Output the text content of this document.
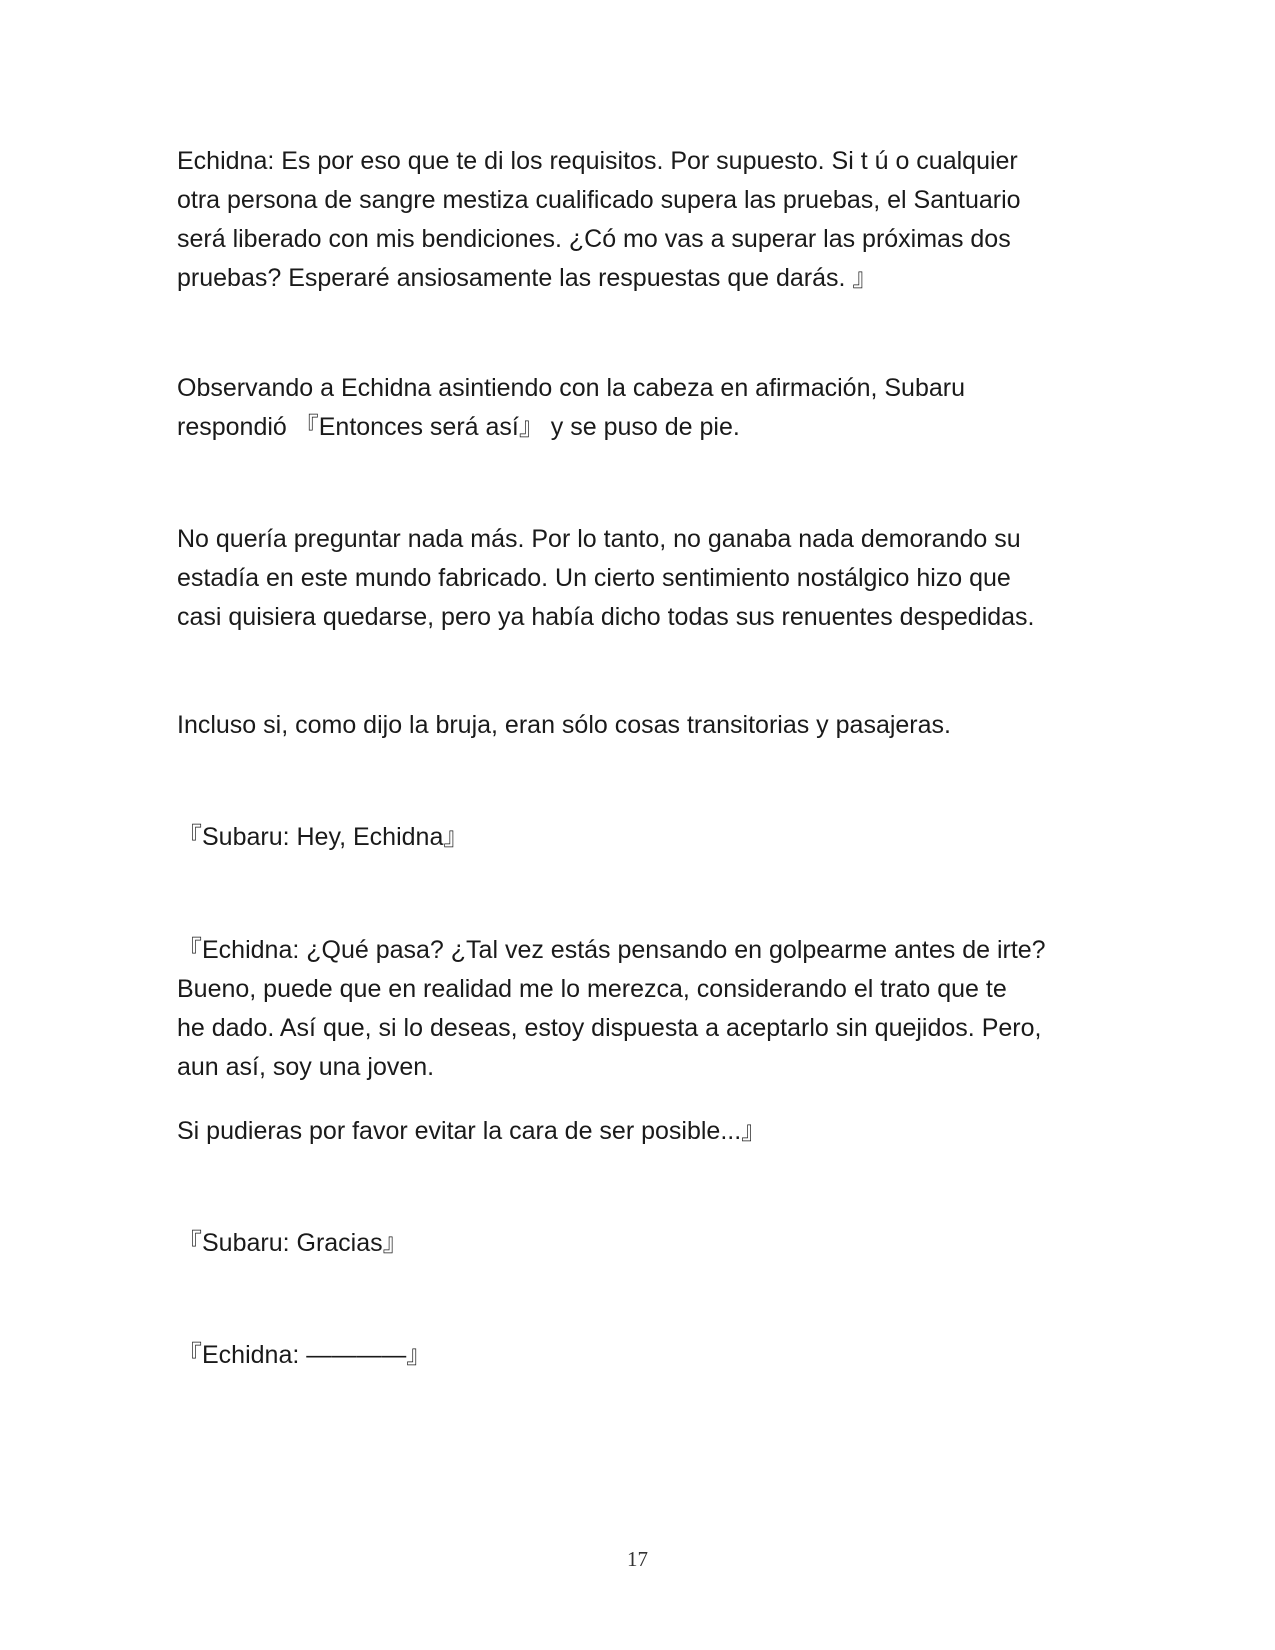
Echidna: Es por eso que te di los requisitos. Por supuesto. Si t ú o cualquier
otra persona de sangre mestiza cualificado supera las pruebas, el Santuario
será liberado con mis bendiciones. ¿Có mo vas a superar las próximas dos
pruebas? Esperaré ansiosamente las respuestas que darás. 』

Observando a Echidna asintiendo con la cabeza en afirmación, Subaru
respondió 『Entonces será así』 y se puso de pie.

No quería preguntar nada más. Por lo tanto, no ganaba nada demorando su
estadía en este mundo fabricado. Un cierto sentimiento nostálgico hizo que
casi quisiera quedarse, pero ya había dicho todas sus renuentes despedidas.

Incluso si, como dijo la bruja, eran sólo cosas transitorias y pasajeras.

『Subaru: Hey, Echidna』

『Echidna: ¿Qué pasa? ¿Tal vez estás pensando en golpearme antes de irte?
Bueno, puede que en realidad me lo merezca, considerando el trato que te
he dado. Así que, si lo deseas, estoy dispuesta a aceptarlo sin quejidos. Pero,
aun así, soy una joven.

Si pudieras por favor evitar la cara de ser posible...』

『Subaru: Gracias』

『Echidna: ————』

17
